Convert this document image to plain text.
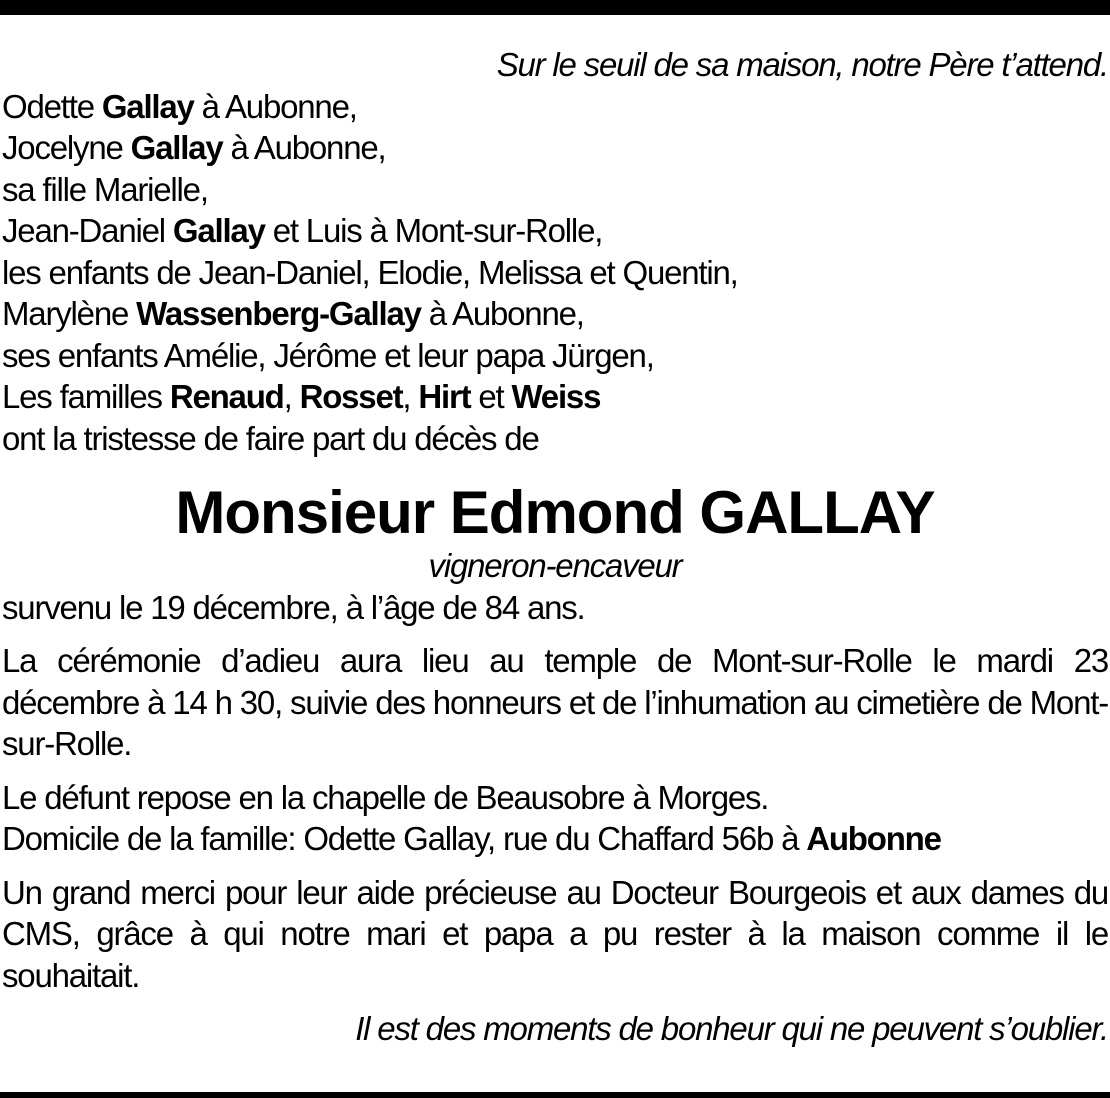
Sur le seuil de sa maison, notre Père t’attend.
Odette Gallay à Aubonne,
Jocelyne Gallay à Aubonne,
sa fille Marielle,
Jean-Daniel Gallay et Luis à Mont-sur-Rolle,
les enfants de Jean-Daniel, Elodie, Melissa et Quentin,
Marylène Wassenberg-Gallay à Aubonne,
ses enfants Amélie, Jérôme et leur papa Jürgen,
Les familles Renaud, Rosset, Hirt et Weiss
ont la tristesse de faire part du décès de
Monsieur Edmond GALLAY
vigneron-encaveur
survenu le 19 décembre, à l’âge de 84 ans.
La cérémonie d’adieu aura lieu au temple de Mont-sur-Rolle le mardi 23 décembre à 14 h 30, suivie des honneurs et de l’inhumation au cimetière de Mont-sur-Rolle.
Le défunt repose en la chapelle de Beausobre à Morges.
Domicile de la famille: Odette Gallay, rue du Chaffard 56b à Aubonne
Un grand merci pour leur aide précieuse au Docteur Bourgeois et aux dames du CMS, grâce à qui notre mari et papa a pu rester à la maison comme il le souhaitait.
Il est des moments de bonheur qui ne peuvent s’oublier.
